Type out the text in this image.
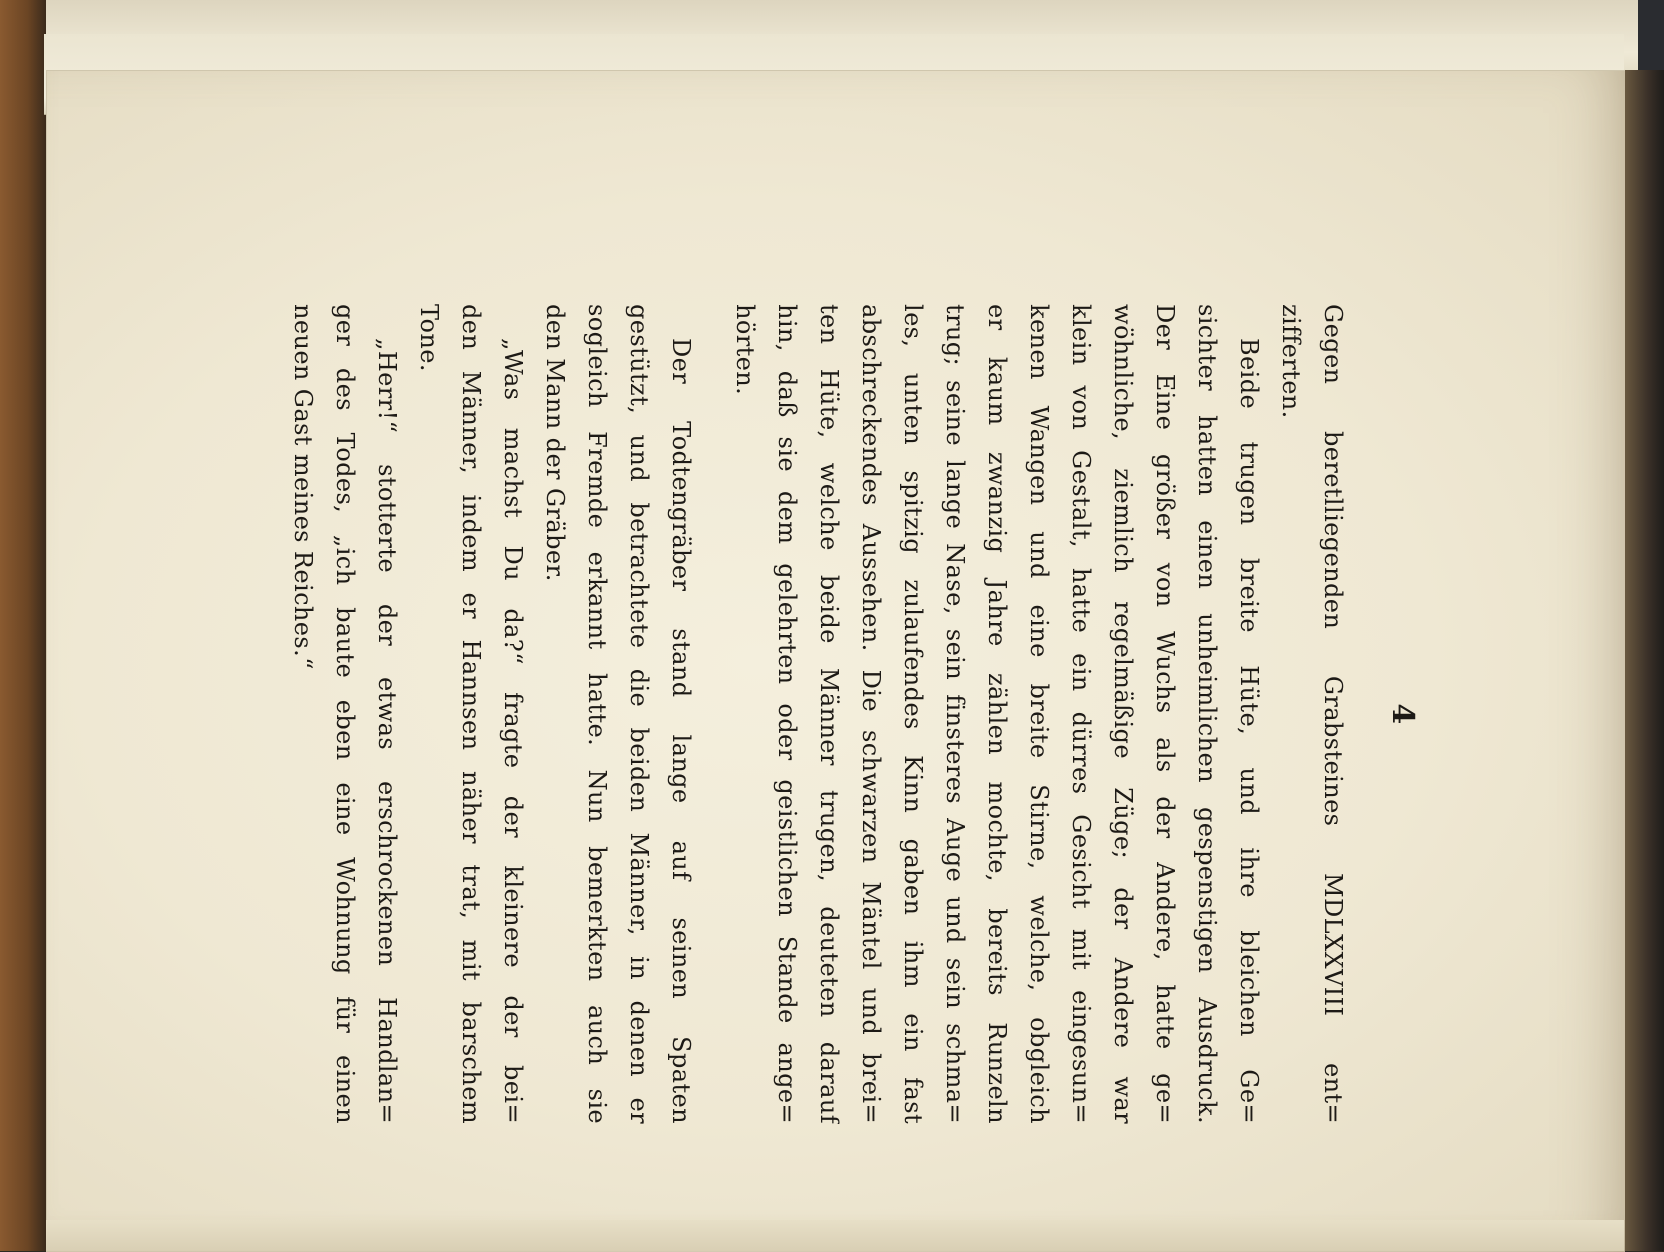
4
Gegen beretlliegenden Grabsteines MDLXXVIII ent=
zifferten.
Beide trugen breite Hüte, und ihre bleichen Ge=
sichter hatten einen unheimlichen gespenstigen Ausdruck.
Der Eine größer von Wuchs als der Andere, hatte ge=
wöhnliche, ziemlich regelmäßige Züge; der Andere war
klein von Gestalt, hatte ein dürres Gesicht mit eingesun=
kenen Wangen und eine breite Stirne, welche, obgleich
er kaum zwanzig Jahre zählen mochte, bereits Runzeln
trug; seine lange Nase, sein finsteres Auge und sein schma=
les, unten spitzig zulaufendes Kinn gaben ihm ein fast
abschreckendes Aussehen. Die schwarzen Mäntel und brei=
ten Hüte, welche beide Männer trugen, deuteten darauf
hin, daß sie dem gelehrten oder geistlichen Stande ange=
hörten.
Der Todtengräber stand lange auf seinen Spaten
gestützt, und betrachtete die beiden Männer, in denen er
sogleich Fremde erkannt hatte. Nun bemerkten auch sie
den Mann der Gräber.
„Was machst Du da?“ fragte der kleinere der bei=
den Männer, indem er Hannsen näher trat, mit barschem
Tone.
„Herr!“ stotterte der etwas erschrockenen Handlan=
ger des Todes, „ich baute eben eine Wohnung für einen
neuen Gast meines Reiches.“
